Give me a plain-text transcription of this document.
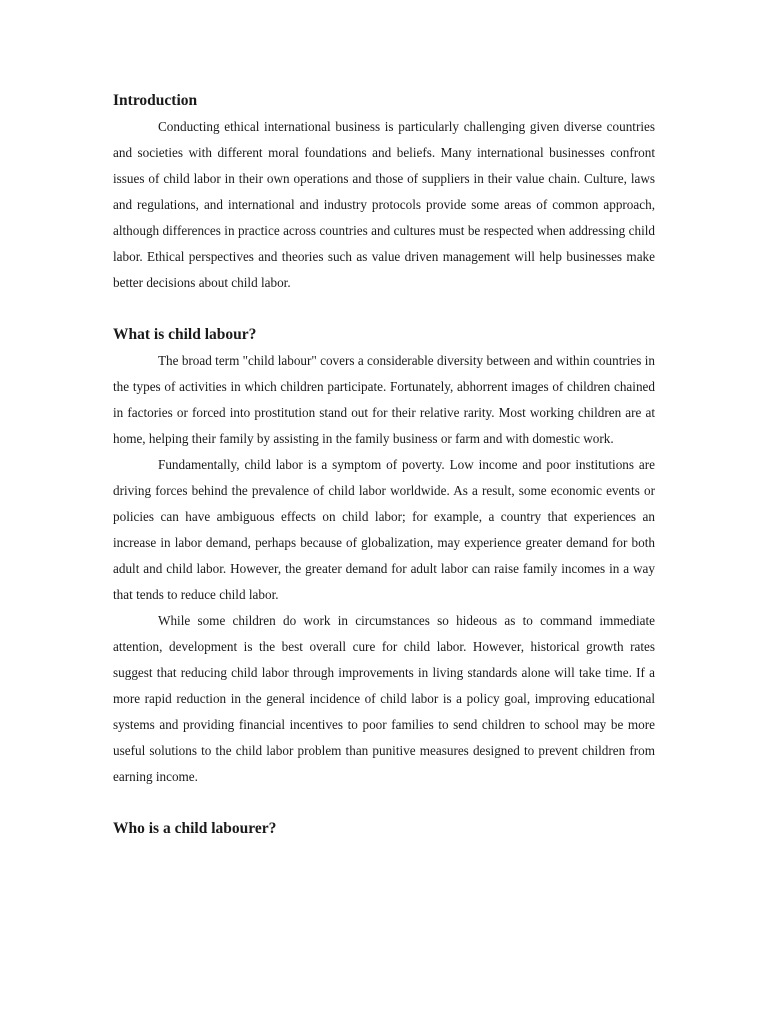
Introduction

Conducting ethical international business is particularly challenging given diverse countries and societies with different moral foundations and beliefs. Many international businesses confront issues of child labor in their own operations and those of suppliers in their value chain. Culture, laws and regulations, and international and industry protocols provide some areas of common approach, although differences in practice across countries and cultures must be respected when addressing child labor. Ethical perspectives and theories such as value driven management will help businesses make better decisions about child labor.

What is child labour?

The broad term "child labour" covers a considerable diversity between and within countries in the types of activities in which children participate. Fortunately, abhorrent images of children chained in factories or forced into prostitution stand out for their relative rarity. Most working children are at home, helping their family by assisting in the family business or farm and with domestic work.

Fundamentally, child labor is a symptom of poverty. Low income and poor institutions are driving forces behind the prevalence of child labor worldwide. As a result, some economic events or policies can have ambiguous effects on child labor; for example, a country that experiences an increase in labor demand, perhaps because of globalization, may experience greater demand for both adult and child labor. However, the greater demand for adult labor can raise family incomes in a way that tends to reduce child labor.

While some children do work in circumstances so hideous as to command immediate attention, development is the best overall cure for child labor. However, historical growth rates suggest that reducing child labor through improvements in living standards alone will take time. If a more rapid reduction in the general incidence of child labor is a policy goal, improving educational systems and providing financial incentives to poor families to send children to school may be more useful solutions to the child labor problem than punitive measures designed to prevent children from earning income.

Who is a child labourer?
